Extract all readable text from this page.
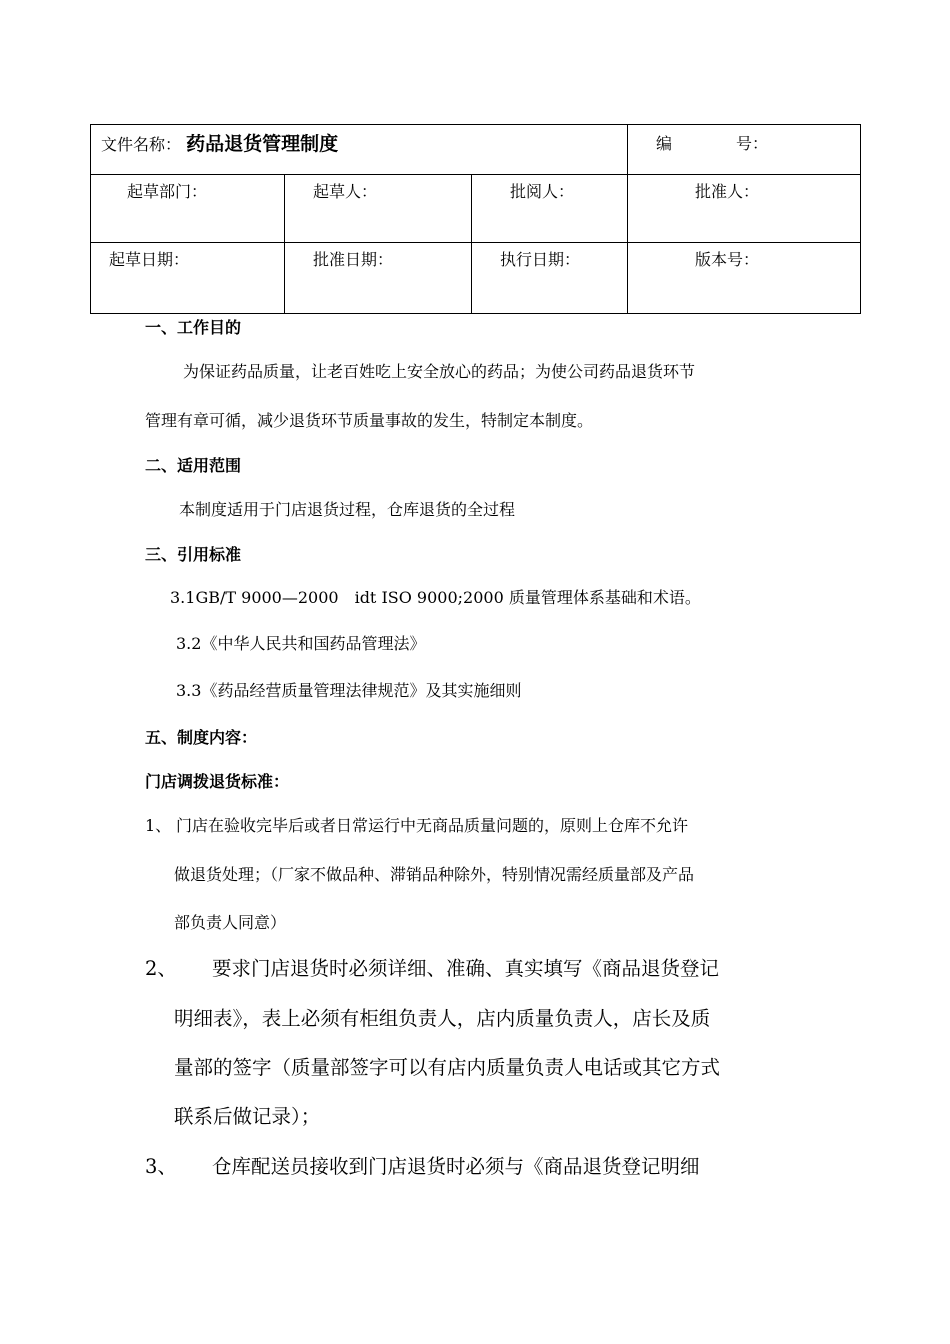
文件名称： 药品退货管理制度			编　　　　号：

起草部门：	起草人：	批阅人：	批准人：

起草日期：	批准日期：	执行日期：	版本号：
一、工作目的
为保证药品质量，让老百姓吃上安全放心的药品；为使公司药品退货环节
管理有章可循，减少退货环节质量事故的发生，特制定本制度。
二、适用范围
本制度适用于门店退货过程，仓库退货的全过程
三、引用标准
3.1GB/T 9000—2000　idt ISO 9000;2000 质量管理体系基础和术语。
3.2《中华人民共和国药品管理法》
3.3《药品经营质量管理法律规范》及其实施细则
五、制度内容：
门店调拨退货标准：
1、 门店在验收完毕后或者日常运行中无商品质量问题的，原则上仓库不允许
做退货处理；（厂家不做品种、滞销品种除外，特别情况需经质量部及产品
部负责人同意）
2、 要求门店退货时必须详细、准确、真实填写《商品退货登记
明细表》，表上必须有柜组负责人，店内质量负责人，店长及质
量部的签字（质量部签字可以有店内质量负责人电话或其它方式
联系后做记录）；
3、 仓库配送员接收到门店退货时必须与《商品退货登记明细
